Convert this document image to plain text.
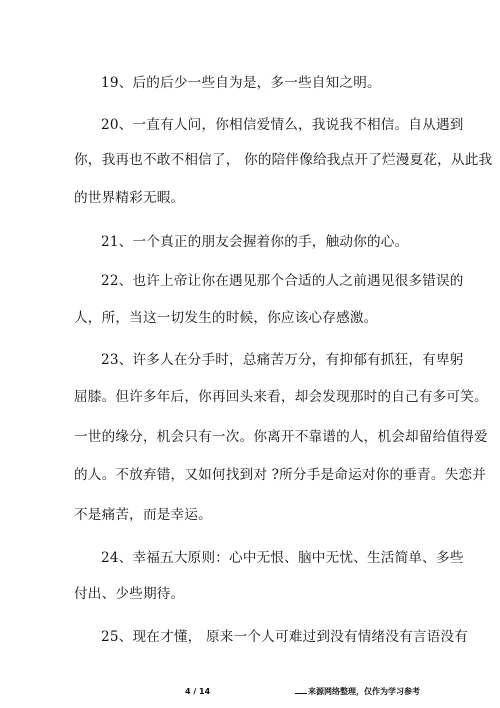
19、后的后少一些自为是，多一些自知之明。
20、一直有人问，你相信爱情么，我说我不相信。自从遇到
你，我再也不敢不相信了， 你的陪伴像给我点开了烂漫夏花，从此我
的世界精彩无暇。
21、一个真正的朋友会握着你的手，触动你的心。
22、也许上帝让你在遇见那个合适的人之前遇见很多错误的
人，所，当这一切发生的时候，你应该心存感激。
23、许多人在分手时，总痛苦万分，有抑郁有抓狂，有卑躬
屈膝。但许多年后，你再回头来看，却会发现那时的自己有多可笑。
一世的缘分，机会只有一次。你离开不靠谱的人，机会却留给值得爱
的人。不放弃错，又如何找到对 ?所分手是命运对你的垂青。失恋并
不是痛苦，而是幸运。
24、幸福五大原则：心中无恨、脑中无忧、生活简单、多些
付出、少些期待。
25、现在才懂， 原来一个人可难过到没有情绪没有言语没有
4 / 14	来源网络整理，仅作为学习参考
